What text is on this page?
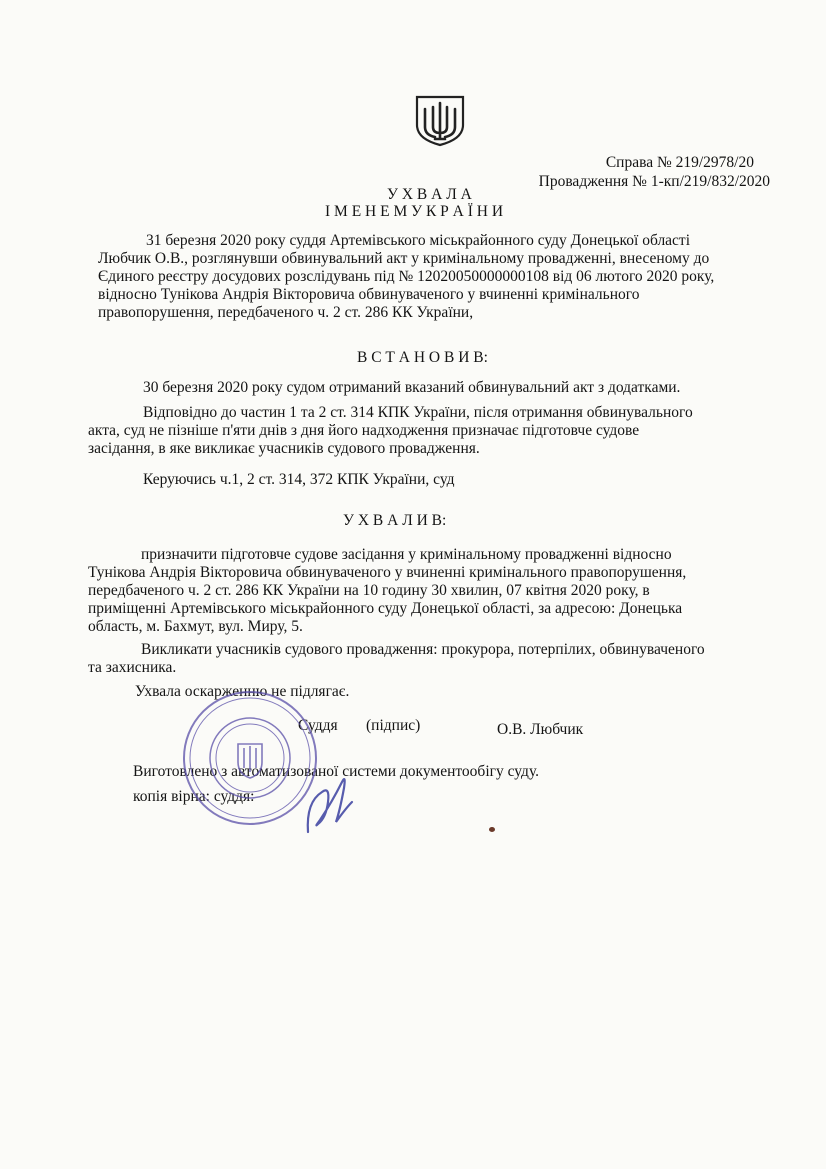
Справа № 219/2978/20
Провадження № 1-кп/219/832/2020
У Х В А Л А
І М Е Н Е М У К Р А Ї Н И
31 березня 2020 року суддя Артемівського міськрайонного суду Донецької області
Любчик О.В., розглянувши обвинувальний акт у кримінальному провадженні, внесеному до
Єдиного реєстру досудових розслідувань під № 12020050000000108 від 06 лютого 2020 року,
відносно Тунікова Андрія Вікторовича обвинуваченого у вчиненні кримінального
правопорушення, передбаченого ч. 2 ст. 286 КК України,
В С Т А Н О В И В:
30 березня 2020 року судом отриманий вказаний обвинувальний акт з додатками.
Відповідно до частин 1 та 2 ст. 314 КПК України, після отримання обвинувального
акта, суд не пізніше п'яти днів з дня його надходження призначає підготовче судове
засідання, в яке викликає учасників судового провадження.
Керуючись ч.1, 2 ст. 314, 372 КПК України, суд
У Х В А Л И В:
призначити підготовче судове засідання у кримінальному провадженні відносно
Тунікова Андрія Вікторовича обвинуваченого у вчиненні кримінального правопорушення,
передбаченого ч. 2 ст. 286 КК України на 10 годину 30 хвилин, 07 квітня 2020 року, в
приміщенні Артемівського міськрайонного суду Донецької області, за адресою: Донецька
область, м. Бахмут, вул. Миру, 5.
Викликати учасників судового провадження: прокурора, потерпілих, обвинуваченого
та захисника.
Ухвала оскарженню не підлягає.
Суддя (підпис)	О.В. Любчик
Виготовлено з автоматизованої системи документообігу суду.
копія вірна: суддя:
